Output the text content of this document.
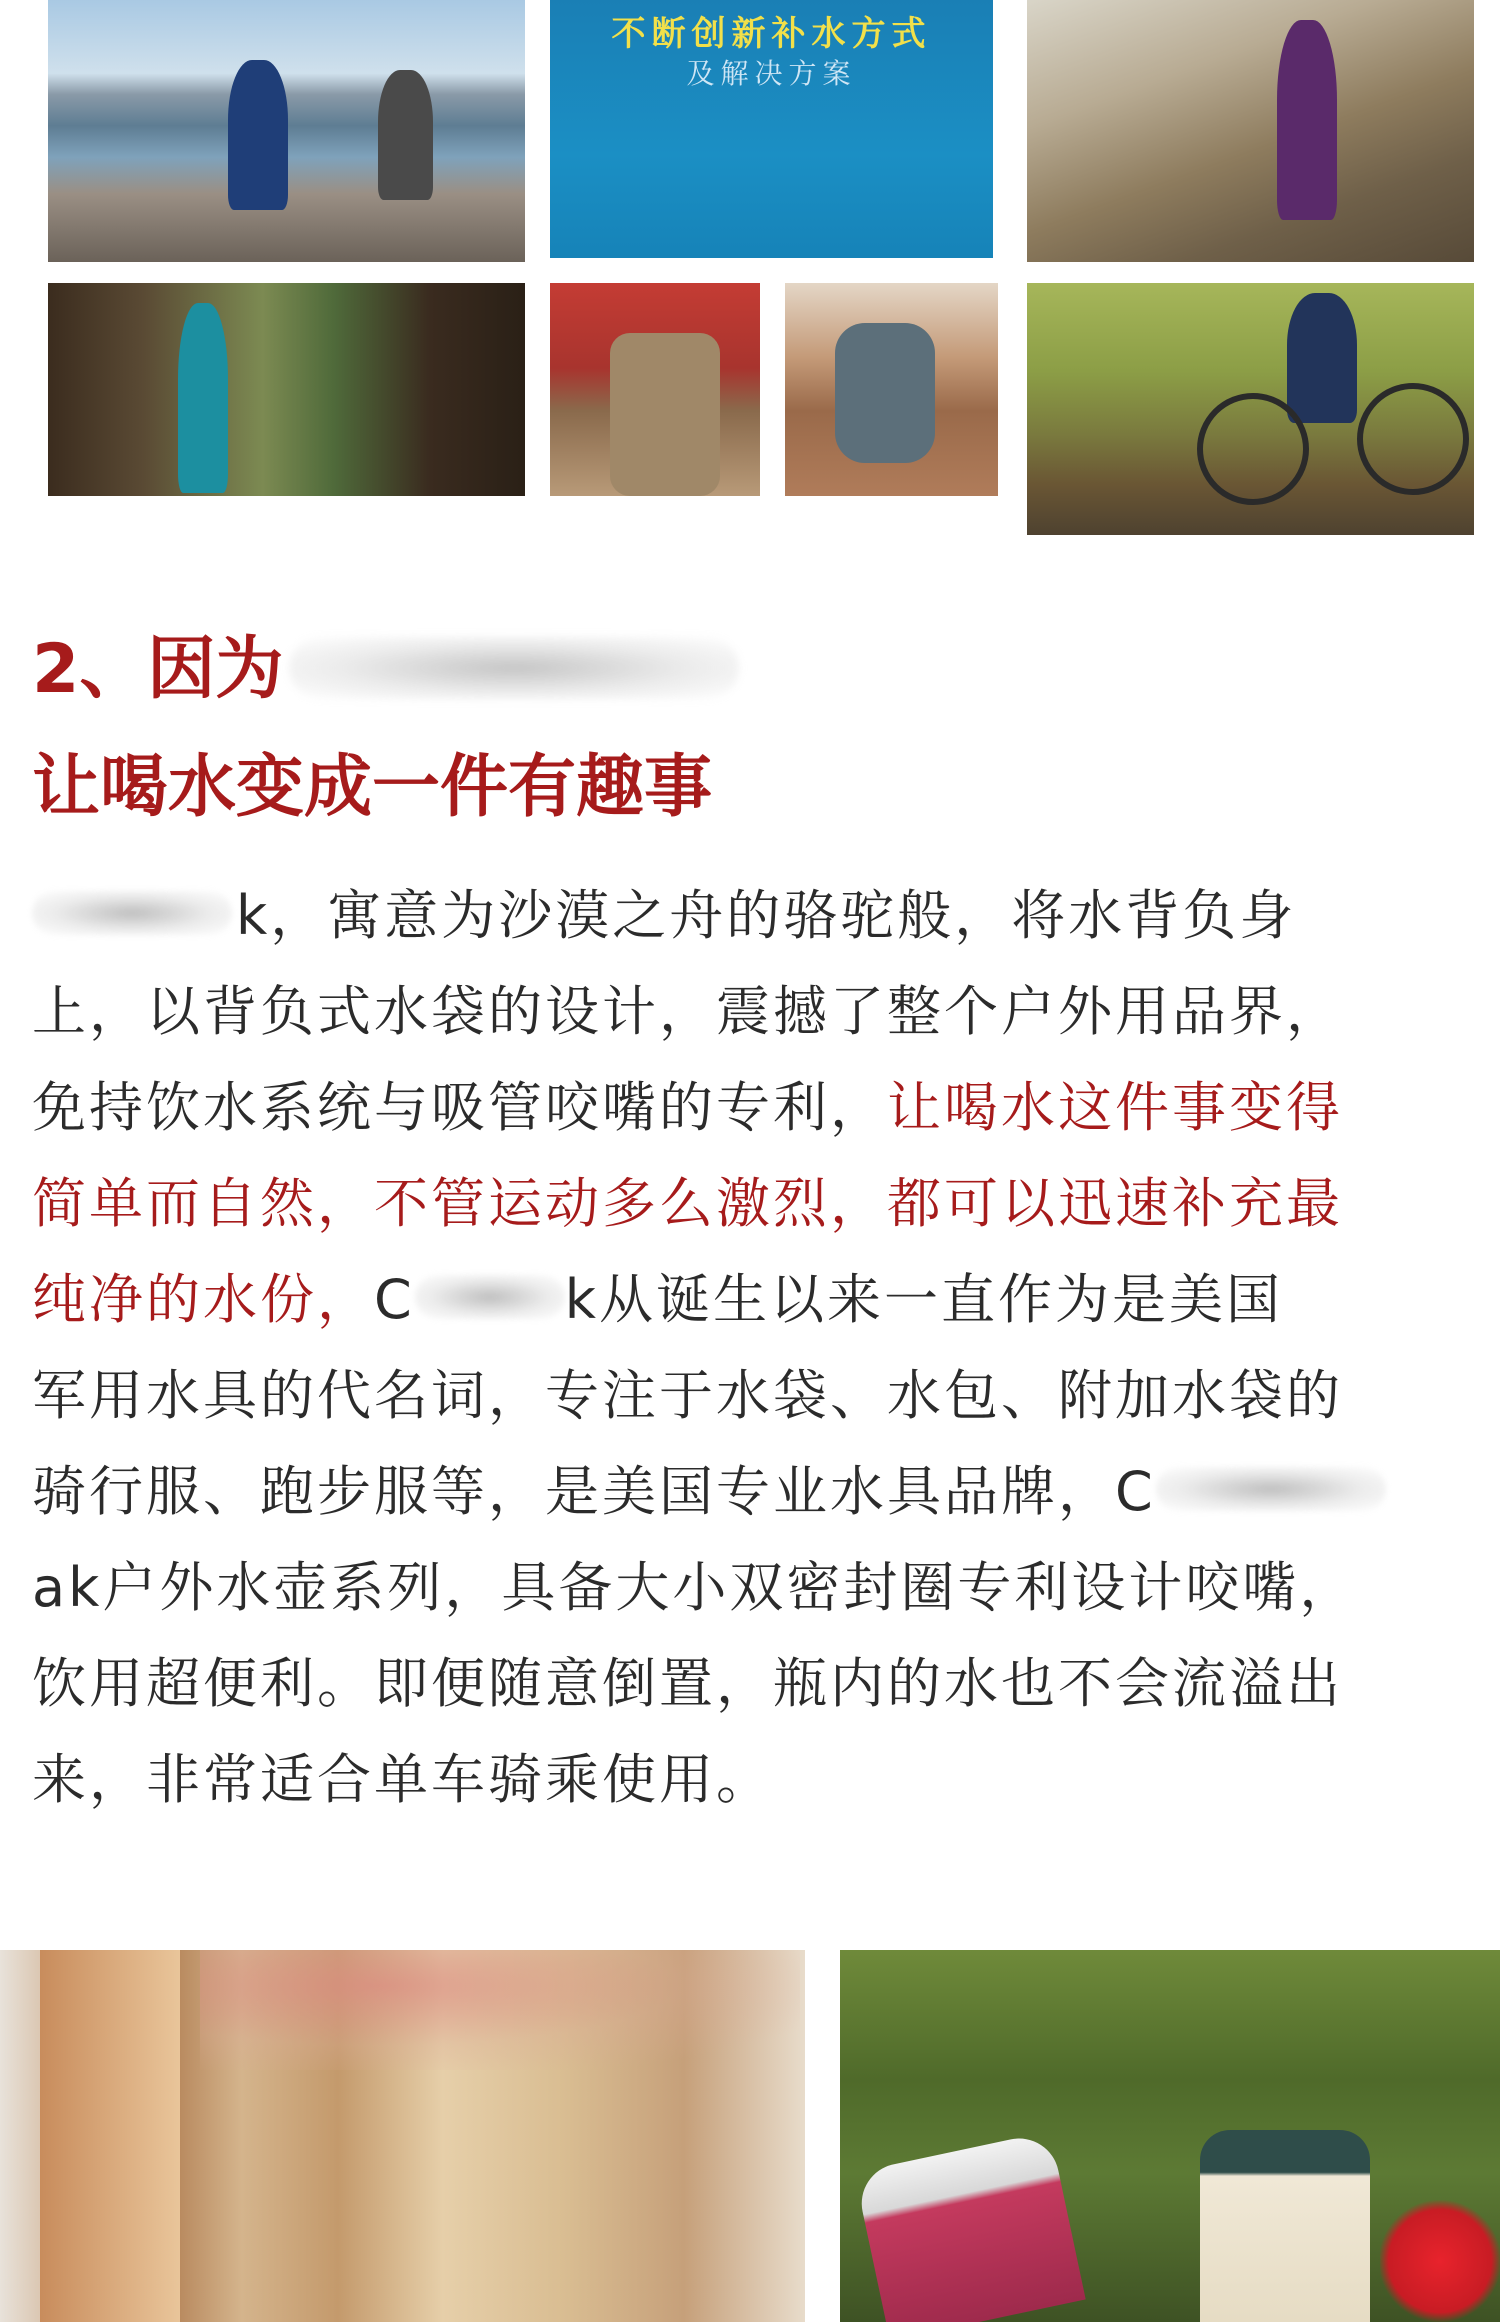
不断创新补水方式
及解决方案
2、因为
让喝水变成一件有趣事
k，寓意为沙漠之舟的骆驼般，将水背负身
上，以背负式水袋的设计，震撼了整个户外用品界，
免持饮水系统与吸管咬嘴的专利，让喝水这件事变得
简单而自然，不管运动多么激烈，都可以迅速补充最
纯净的水份，C	k从诞生以来一直作为是美国
军用水具的代名词，专注于水袋、水包、附加水袋的
骑行服、跑步服等，是美国专业水具品牌，C
ak户外水壶系列，具备大小双密封圈专利设计咬嘴，
饮用超便利。即便随意倒置，瓶内的水也不会流溢出
来，非常适合单车骑乘使用。
